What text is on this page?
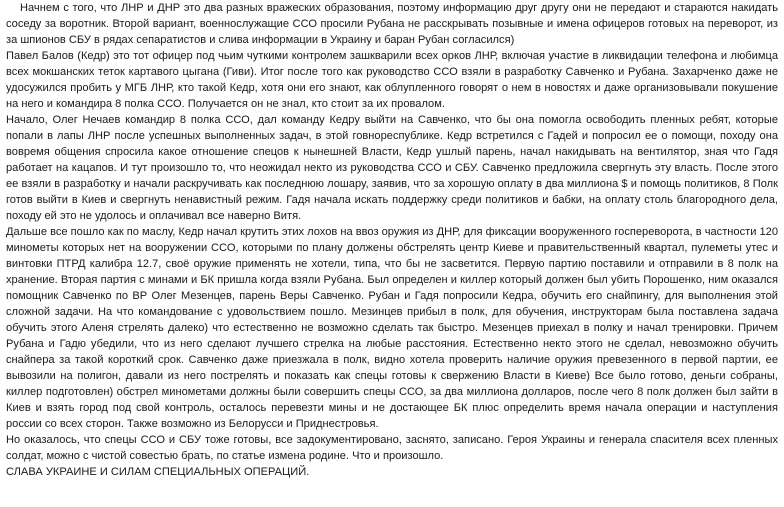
Начнем с того, что ЛНР и ДНР это два разных вражеских образования, поэтому информацию друг другу они не передают и стараются накидать соседу за воротник. Второй вариант, военнослужащие ССО просили Рубана не расскрывать позывные и имена офицеров готовых на переворот, из за шпионов СБУ в рядах сепаратистов и слива информации в Украину и баран Рубан согласился)

Павел Балов (Кедр) это тот офицер под чьим чуткими контролем зашкварили всех орков ЛНР, включая участие в ликвидации телефона и любимца всех мокшанских теток картавого цыгана (Гиви). Итог после того как руководство ССО взяли в разработку Савченко и Рубана. Захарченко даже не удосужился пробить у МГБ ЛНР, кто такой Кедр, хотя они его знают, как облупленного говорят о нем в новостях и даже организовывали покушение на него и командира 8 полка ССО. Получается он не знал, кто стоит за их провалом.

Начало, Олег Нечаев командир 8 полка ССО, дал команду Кедру выйти на Савченко, что бы она помогла освободить пленных ребят, которые попали в лапы ЛНР после успешных выполненных задач, в этой говнореспублике. Кедр встретился с Гадей и попросил ее о помощи, походу она вовремя общения спросила какое отношение спецов к нынешней Власти, Кедр ушлый парень, начал накидывать на вентилятор, зная что Гадя работает на кацапов. И тут произошло то, что неожидал некто из руководства ССО и СБУ. Савченко предложила свергнуть эту власть. После этого ее взяли в разработку и начали раскручивать как последнюю лошару, заявив, что за хорошую оплату в два миллиона $ и помощь политиков, 8 Полк готов выйти в Киев и свергнуть ненавистный режим. Гадя начала искать поддержку среди политиков и бабки, на оплату столь благородного дела, походу ей это не удолось и оплачивал все наверно Витя.

Дальше все пошло как по маслу, Кедр начал крутить этих лохов на ввоз оружия из ДНР, для фиксации вооруженного госпереворота, в частности 120 минометы которых нет на вооружении ССО, которыми по плану должены обстрелять центр Киеве и правительственный квартал, пулеметы утес и винтовки ПТРД калибра 12.7, своё оружие применять не хотели, типа, что бы не засветится. Первую партию поставили и отправили в 8 полк на хранение. Вторая партия с минами и БК пришла когда взяли Рубана. Был определен и киллер который должен был убить Порошенко, ним оказался помощник Савченко по ВР Олег Мезенцев, парень Веры Савченко. Рубан и Гадя попросили Кедра, обучить его снайпингу, для выполнения этой сложной задачи. На что командование с удовольствием пошло. Мезинцев прибыл в полк, для обучения, инструкторам была поставлена задача обучить этого Аленя стрелять далеко) что естественно не возможно сделать так быстро. Мезенцев приехал в полку и начал тренировки. Причем Рубана и Гадю убедили, что из него сделают лучшего стрелка на любые расстояния. Естественно некто этого не сделал, невозможно обучить снайпера за такой короткий срок. Савченко даже приезжала в полк, видно хотела проверить наличие оружия превезенного в первой партии, ее вывозили на полигон, давали из него пострелять и показать как спецы готовы к свержению Власти в Киеве) Все было готово, деньги собраны, киллер подготовлен) обстрел минометами должны были совершить спецы ССО, за два миллиона долларов, после чего 8 полк должен был зайти в Киев и взять город под свой контроль, осталось перевезти мины и не достающее БК плюс определить время начала операции и наступления россии со всех сторон. Также возможно из Белорусси и Приднестровья.

Но оказалось, что спецы ССО и СБУ тоже готовы, все задокументировано, заснято, записано. Героя Украины и генерала спасителя всех пленных солдат, можно с чистой совестью брать, по статье измена родине. Что и произошло.

СЛАВА УКРАИНЕ И СИЛАМ СПЕЦИАЛЬНЫХ ОПЕРАЦИЙ.
